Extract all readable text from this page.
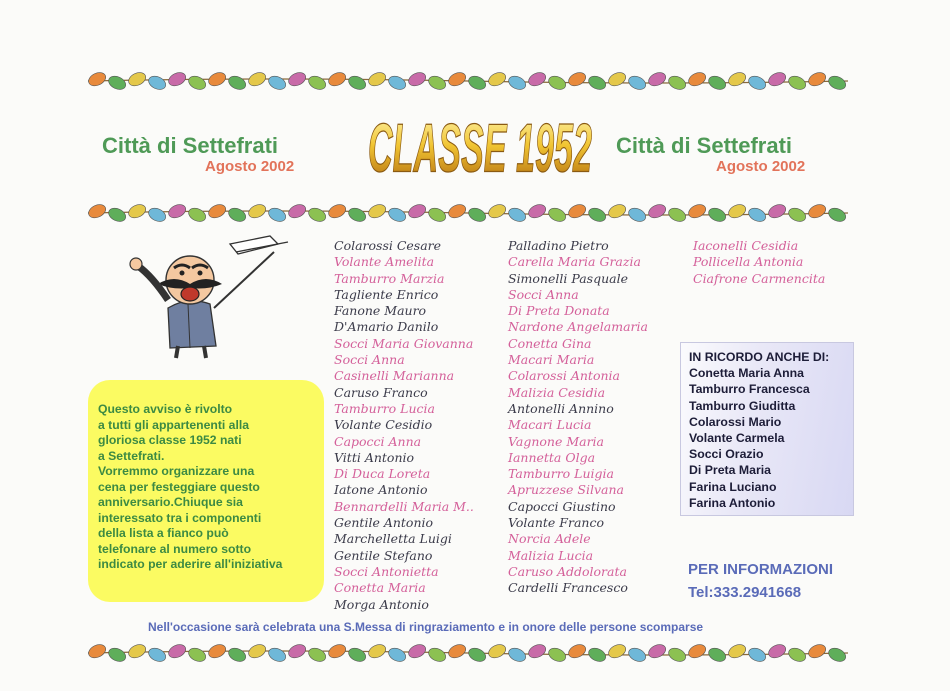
Città di Settefrati
Agosto 2002
Città di Settefrati
Agosto 2002
CLASSE 1952
Colarossi Cesare
Volante Amelita
Tamburro Marzia
Tagliente Enrico
Fanone Mauro
D'Amario Danilo
Socci Maria Giovanna
Socci Anna
Casinelli Marianna
Caruso Franco
Tamburro Lucia
Volante Cesidio
Capocci Anna
Vitti Antonio
Di Duca Loreta
Iatone Antonio
Bennardelli Maria M..
Gentile Antonio
Marchelletta Luigi
Gentile Stefano
Socci Antonietta
Conetta Maria
Morga Antonio
Palladino Pietro
Carella Maria Grazia
Simonelli Pasquale
Socci Anna
Di Preta Donata
Nardone Angelamaria
Conetta Gina
Macari Maria
Colarossi Antonia
Malizia Cesidia
Antonelli Annino
Macari Lucia
Vagnone Maria
Iannetta Olga
Tamburro Luigia
Apruzzese Silvana
Capocci Giustino
Volante Franco
Norcia Adele
Malizia Lucia
Caruso Addolorata
Cardelli Francesco
Iaconelli Cesidia
Pollicella Antonia
Ciafrone Carmencita
Questo avviso è rivolto
a tutti gli appartenenti alla
gloriosa classe 1952 nati
a Settefrati.
Vorremmo organizzare una
cena per festeggiare questo
anniversario.Chiuque sia
interessato tra i componenti
della lista a fianco può
telefonare al numero sotto
indicato per aderire all'iniziativa
IN RICORDO ANCHE DI:
Conetta Maria Anna
Tamburro Francesca
Tamburro Giuditta
Colarossi Mario
Volante Carmela
Socci Orazio
Di Preta Maria
Farina Luciano
Farina Antonio
PER INFORMAZIONI
Tel:333.2941668
Nell'occasione sarà celebrata una S.Messa di ringraziamento e in onore delle persone scomparse
